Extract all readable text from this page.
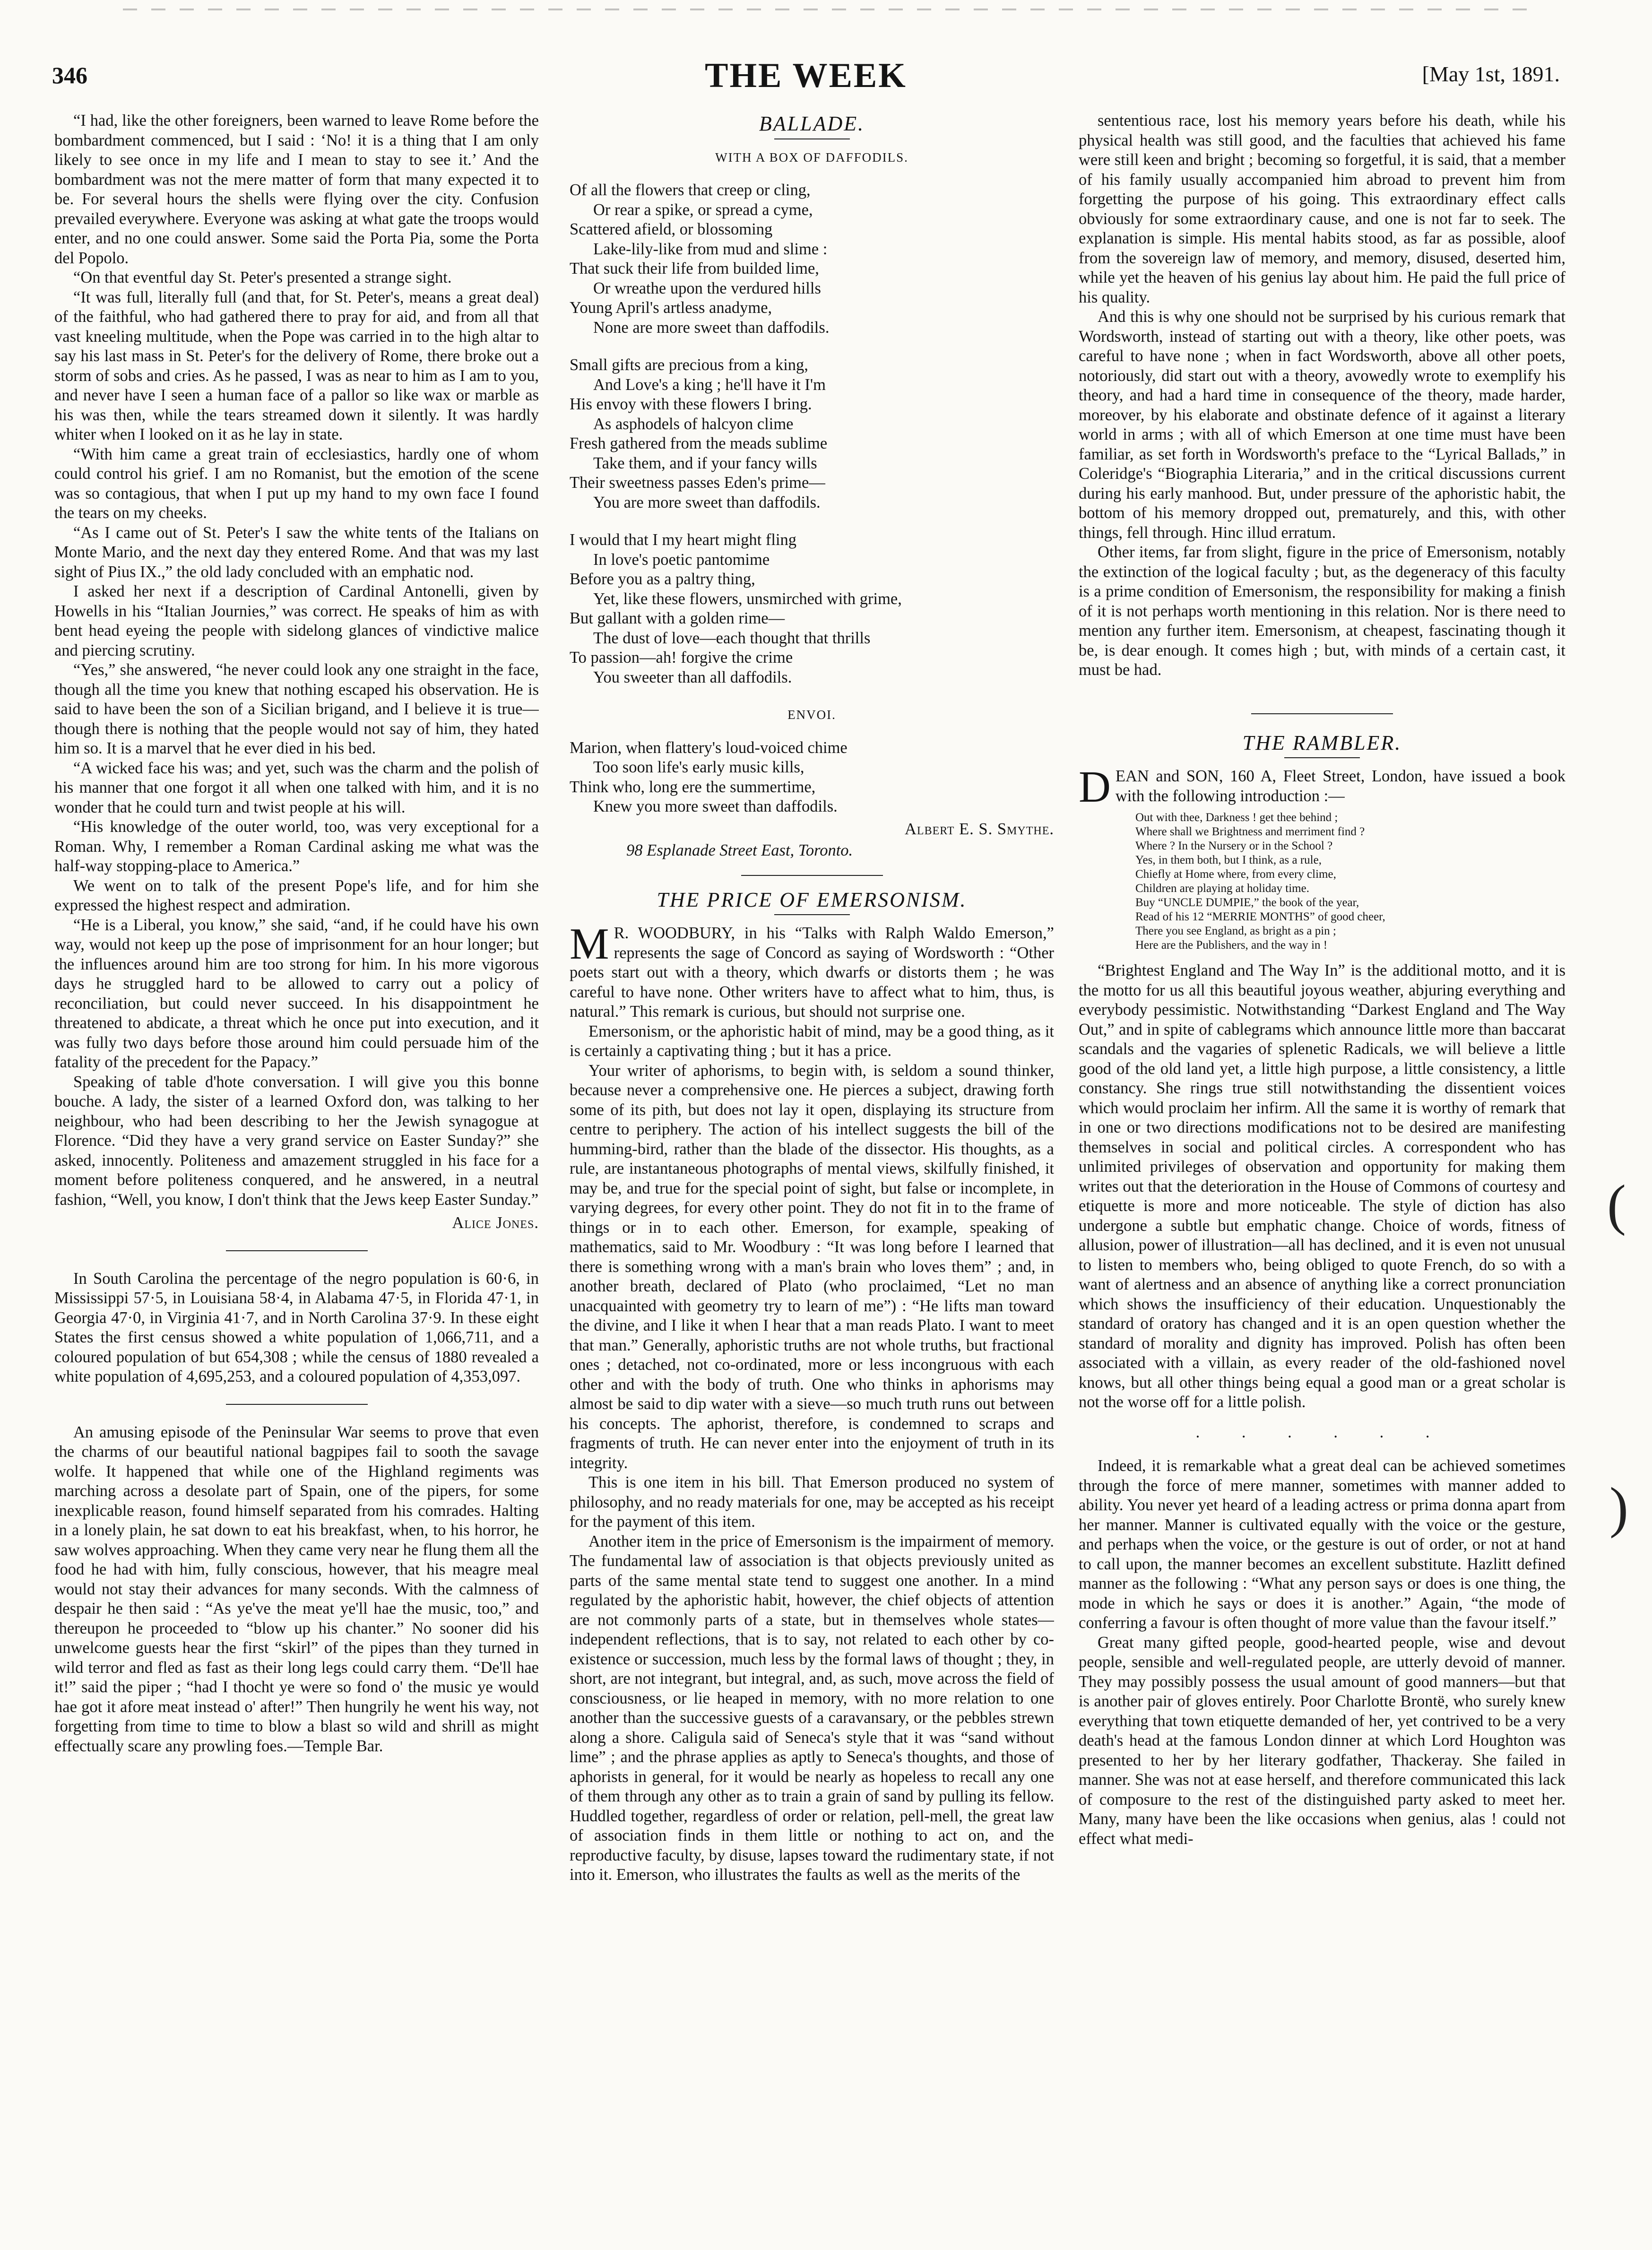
346	THE WEEK	[May 1st, 1891.

“I had, like the other foreigners, been warned to leave Rome before the bombardment commenced, but I said : ‘No! it is a thing that I am only likely to see once in my life and I mean to stay to see it.’ And the bombardment was not the mere matter of form that many expected it to be. For several hours the shells were flying over the city. Confusion prevailed everywhere. Everyone was asking at what gate the troops would enter, and no one could answer. Some said the Porta Pia, some the Porta del Popolo.

“On that eventful day St. Peter's presented a strange sight.

“It was full, literally full (and that, for St. Peter's, means a great deal) of the faithful, who had gathered there to pray for aid, and from all that vast kneeling multitude, when the Pope was carried in to the high altar to say his last mass in St. Peter's for the delivery of Rome, there broke out a storm of sobs and cries. As he passed, I was as near to him as I am to you, and never have I seen a human face of a pallor so like wax or marble as his was then, while the tears streamed down it silently. It was hardly whiter when I looked on it as he lay in state.

“With him came a great train of ecclesiastics, hardly one of whom could control his grief. I am no Romanist, but the emotion of the scene was so contagious, that when I put up my hand to my own face I found the tears on my cheeks.

“As I came out of St. Peter's I saw the white tents of the Italians on Monte Mario, and the next day they entered Rome. And that was my last sight of Pius IX.,” the old lady concluded with an emphatic nod.

I asked her next if a description of Cardinal Antonelli, given by Howells in his “Italian Journies,” was correct. He speaks of him as with bent head eyeing the people with sidelong glances of vindictive malice and piercing scrutiny.

“Yes,” she answered, “he never could look any one straight in the face, though all the time you knew that nothing escaped his observation. He is said to have been the son of a Sicilian brigand, and I believe it is true—though there is nothing that the people would not say of him, they hated him so. It is a marvel that he ever died in his bed.

“A wicked face his was; and yet, such was the charm and the polish of his manner that one forgot it all when one talked with him, and it is no wonder that he could turn and twist people at his will.

“His knowledge of the outer world, too, was very exceptional for a Roman. Why, I remember a Roman Cardinal asking me what was the half-way stopping-place to America.”

We went on to talk of the present Pope's life, and for him she expressed the highest respect and admiration.

“He is a Liberal, you know,” she said, “and, if he could have his own way, would not keep up the pose of imprisonment for an hour longer; but the influences around him are too strong for him. In his more vigorous days he struggled hard to be allowed to carry out a policy of reconciliation, but could never succeed. In his disappointment he threatened to abdicate, a threat which he once put into execution, and it was fully two days before those around him could persuade him of the fatality of the precedent for the Papacy.”

Speaking of table d'hote conversation. I will give you this bonne bouche. A lady, the sister of a learned Oxford don, was talking to her neighbour, who had been describing to her the Jewish synagogue at Florence. “Did they have a very grand service on Easter Sunday?” she asked, innocently. Politeness and amazement struggled in his face for a moment before politeness conquered, and he answered, in a neutral fashion, “Well, you know, I don't think that the Jews keep Easter Sunday.”

Alice Jones.

In South Carolina the percentage of the negro population is 60·6, in Mississippi 57·5, in Louisiana 58·4, in Alabama 47·5, in Florida 47·1, in Georgia 47·0, in Virginia 41·7, and in North Carolina 37·9. In these eight States the first census showed a white population of 1,066,711, and a coloured population of but 654,308 ; while the census of 1880 revealed a white population of 4,695,253, and a coloured population of 4,353,097.

An amusing episode of the Peninsular War seems to prove that even the charms of our beautiful national bagpipes fail to sooth the savage wolfe. It happened that while one of the Highland regiments was marching across a desolate part of Spain, one of the pipers, for some inexplicable reason, found himself separated from his comrades. Halting in a lonely plain, he sat down to eat his breakfast, when, to his horror, he saw wolves approaching. When they came very near he flung them all the food he had with him, fully conscious, however, that his meagre meal would not stay their advances for many seconds. With the calmness of despair he then said : “As ye've the meat ye'll hae the music, too,” and thereupon he proceeded to “blow up his chanter.” No sooner did his unwelcome guests hear the first “skirl” of the pipes than they turned in wild terror and fled as fast as their long legs could carry them. “De'll hae it!” said the piper ; “had I thocht ye were so fond o' the music ye would hae got it afore meat instead o' after!” Then hungrily he went his way, not forgetting from time to time to blow a blast so wild and shrill as might effectually scare any prowling foes.—Temple Bar.

BALLADE.
WITH A BOX OF DAFFODILS.
Of all the flowers that creep or cling,
Or rear a spike, or spread a cyme,
Scattered afield, or blossoming
Lake-lily-like from mud and slime :
That suck their life from builded lime,
Or wreathe upon the verdured hills
Young April's artless anadyme,
None are more sweet than daffodils.
Small gifts are precious from a king,
And Love's a king ; he'll have it I'm
His envoy with these flowers I bring.
As asphodels of halcyon clime
Fresh gathered from the meads sublime
Take them, and if your fancy wills
Their sweetness passes Eden's prime—
You are more sweet than daffodils.
I would that I my heart might fling
In love's poetic pantomime
Before you as a paltry thing,
Yet, like these flowers, unsmirched with grime,
But gallant with a golden rime—
The dust of love—each thought that thrills
To passion—ah! forgive the crime
You sweeter than all daffodils.
ENVOI.
Marion, when flattery's loud-voiced chime
Too soon life's early music kills,
Think who, long ere the summertime,
Knew you more sweet than daffodils.
Albert E. S. Smythe.
98 Esplanade Street East, Toronto.
THE PRICE OF EMERSONISM.

M R. WOODBURY, in his “Talks with Ralph Waldo Emerson,” represents the sage of Concord as saying of Wordsworth : “Other poets start out with a theory, which dwarfs or distorts them ; he was careful to have none. Other writers have to affect what to him, thus, is natural.” This remark is curious, but should not surprise one.

Emersonism, or the aphoristic habit of mind, may be a good thing, as it is certainly a captivating thing ; but it has a price.

Your writer of aphorisms, to begin with, is seldom a sound thinker, because never a comprehensive one. He pierces a subject, drawing forth some of its pith, but does not lay it open, displaying its structure from centre to periphery. The action of his intellect suggests the bill of the humming-bird, rather than the blade of the dissector. His thoughts, as a rule, are instantaneous photographs of mental views, skilfully finished, it may be, and true for the special point of sight, but false or incomplete, in varying degrees, for every other point. They do not fit in to the frame of things or in to each other. Emerson, for example, speaking of mathematics, said to Mr. Woodbury : “It was long before I learned that there is something wrong with a man's brain who loves them” ; and, in another breath, declared of Plato (who proclaimed, “Let no man unacquainted with geometry try to learn of me”) : “He lifts man toward the divine, and I like it when I hear that a man reads Plato. I want to meet that man.” Generally, aphoristic truths are not whole truths, but fractional ones ; detached, not co-ordinated, more or less incongruous with each other and with the body of truth. One who thinks in aphorisms may almost be said to dip water with a sieve—so much truth runs out between his concepts. The aphorist, therefore, is condemned to scraps and fragments of truth. He can never enter into the enjoyment of truth in its integrity.

This is one item in his bill. That Emerson produced no system of philosophy, and no ready materials for one, may be accepted as his receipt for the payment of this item.

Another item in the price of Emersonism is the impairment of memory. The fundamental law of association is that objects previously united as parts of the same mental state tend to suggest one another. In a mind regulated by the aphoristic habit, however, the chief objects of attention are not commonly parts of a state, but in themselves whole states—independent reflections, that is to say, not related to each other by co-existence or succession, much less by the formal laws of thought ; they, in short, are not integrant, but integral, and, as such, move across the field of consciousness, or lie heaped in memory, with no more relation to one another than the successive guests of a caravansary, or the pebbles strewn along a shore. Caligula said of Seneca's style that it was “sand without lime” ; and the phrase applies as aptly to Seneca's thoughts, and those of aphorists in general, for it would be nearly as hopeless to recall any one of them through any other as to train a grain of sand by pulling its fellow. Huddled together, regardless of order or relation, pell-mell, the great law of association finds in them little or nothing to act on, and the reproductive faculty, by disuse, lapses toward the rudimentary state, if not into it. Emerson, who illustrates the faults as well as the merits of the

sententious race, lost his memory years before his death, while his physical health was still good, and the faculties that achieved his fame were still keen and bright ; becoming so forgetful, it is said, that a member of his family usually accompanied him abroad to prevent him from forgetting the purpose of his going. This extraordinary effect calls obviously for some extraordinary cause, and one is not far to seek. The explanation is simple. His mental habits stood, as far as possible, aloof from the sovereign law of memory, and memory, disused, deserted him, while yet the heaven of his genius lay about him. He paid the full price of his quality.

And this is why one should not be surprised by his curious remark that Wordsworth, instead of starting out with a theory, like other poets, was careful to have none ; when in fact Wordsworth, above all other poets, notoriously, did start out with a theory, avowedly wrote to exemplify his theory, and had a hard time in consequence of the theory, made harder, moreover, by his elaborate and obstinate defence of it against a literary world in arms ; with all of which Emerson at one time must have been familiar, as set forth in Wordsworth's preface to the “Lyrical Ballads,” in Coleridge's “Biographia Literaria,” and in the critical discussions current during his early manhood. But, under pressure of the aphoristic habit, the bottom of his memory dropped out, prematurely, and this, with other things, fell through. Hinc illud erratum.

Other items, far from slight, figure in the price of Emersonism, notably the extinction of the logical faculty ; but, as the degeneracy of this faculty is a prime condition of Emersonism, the responsibility for making a finish of it is not perhaps worth mentioning in this relation. Nor is there need to mention any further item. Emersonism, at cheapest, fascinating though it be, is dear enough. It comes high ; but, with minds of a certain cast, it must be had.

THE RAMBLER.

DEAN and SON, 160 A, Fleet Street, London, have issued a book with the following introduction :—

Out with thee, Darkness ! get thee behind ;
Where shall we Brightness and merriment find ?
Where ? In the Nursery or in the School ?
Yes, in them both, but I think, as a rule,
Chiefly at Home where, from every clime,
Children are playing at holiday time.
Buy “UNCLE DUMPIE,” the book of the year,
Read of his 12 “MERRIE MONTHS” of good cheer,
There you see England, as bright as a pin ;
Here are the Publishers, and the way in !

“Brightest England and The Way In” is the additional motto, and it is the motto for us all this beautiful joyous weather, abjuring everything and everybody pessimistic. Notwithstanding “Darkest England and The Way Out,” and in spite of cablegrams which announce little more than baccarat scandals and the vagaries of splenetic Radicals, we will believe a little good of the old land yet, a little high purpose, a little consistency, a little constancy. She rings true still notwithstanding the dissentient voices which would proclaim her infirm. All the same it is worthy of remark that in one or two directions modifications not to be desired are manifesting themselves in social and political circles. A correspondent who has unlimited privileges of observation and opportunity for making them writes out that the deterioration in the House of Commons of courtesy and etiquette is more and more noticeable. The style of diction has also undergone a subtle but emphatic change. Choice of words, fitness of allusion, power of illustration—all has declined, and it is even not unusual to listen to members who, being obliged to quote French, do so with a want of alertness and an absence of anything like a correct pronunciation which shows the insufficiency of their education. Unquestionably the standard of oratory has changed and it is an open question whether the standard of morality and dignity has improved. Polish has often been associated with a villain, as every reader of the old-fashioned novel knows, but all other things being equal a good man or a great scholar is not the worse off for a little polish.

. . . . . .

Indeed, it is remarkable what a great deal can be achieved sometimes through the force of mere manner, sometimes with manner added to ability. You never yet heard of a leading actress or prima donna apart from her manner. Manner is cultivated equally with the voice or the gesture, and perhaps when the voice, or the gesture is out of order, or not at hand to call upon, the manner becomes an excellent substitute. Hazlitt defined manner as the following : “What any person says or does is one thing, the mode in which he says or does it is another.” Again, “the mode of conferring a favour is often thought of more value than the favour itself.”

Great many gifted people, good-hearted people, wise and devout people, sensible and well-regulated people, are utterly devoid of manner. They may possibly possess the usual amount of good manners—but that is another pair of gloves entirely. Poor Charlotte Brontë, who surely knew everything that town etiquette demanded of her, yet contrived to be a very death's head at the famous London dinner at which Lord Houghton was presented to her by her literary godfather, Thackeray. She failed in manner. She was not at ease herself, and therefore communicated this lack of composure to the rest of the distinguished party asked to meet her. Many, many have been the like occasions when genius, alas ! could not effect what medi-

(
)
